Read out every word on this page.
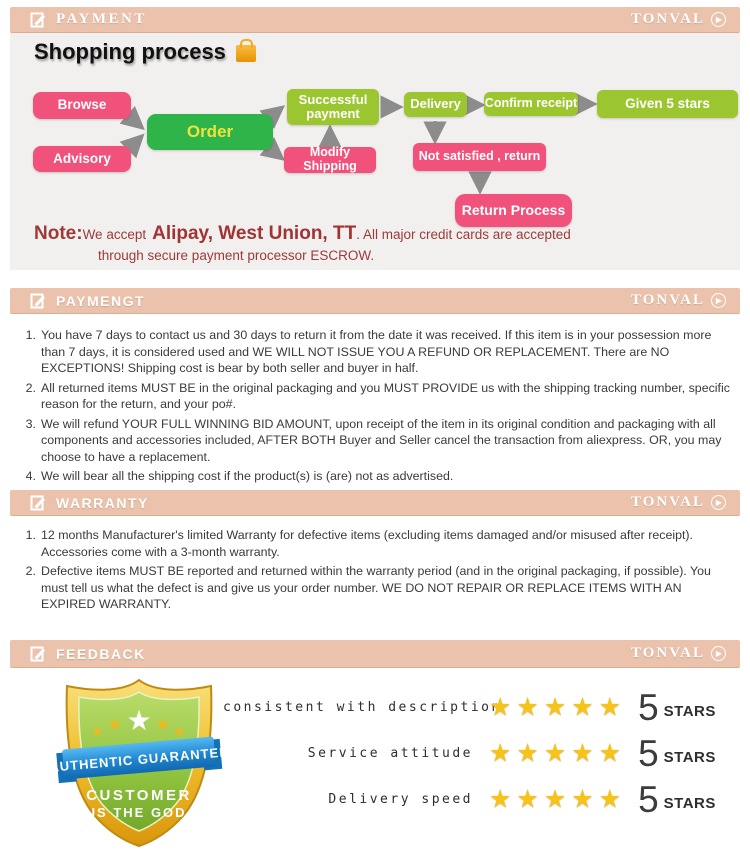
PAYMENT	TONVAL	▶
Shopping process
Browse
Advisory
Order
Successful payment
Modify Shipping
Delivery	Confirm receipt	Given 5 stars
Not satisfied , return
Return Process
Note: We accept Alipay, West Union, TT . All major credit cards are accepted
through secure payment processor ESCROW.
PAYMENGT	TONVAL	▶
1. You have 7 days to contact us and 30 days to return it from the date it was received. If this item is in your possession more than 7 days, it is considered used and WE WILL NOT ISSUE YOU A REFUND OR REPLACEMENT. There are NO EXCEPTIONS! Shipping cost is bear by both seller and buyer in half.
2. All returned items MUST BE in the original packaging and you MUST PROVIDE us with the shipping tracking number, specific reason for the return, and your po#.
3. We will refund YOUR FULL WINNING BID AMOUNT, upon receipt of the item in its original condition and packaging with all components and accessories included, AFTER BOTH Buyer and Seller cancel the transaction from aliexpress. OR, you may choose to have a replacement.
4. We will bear all the shipping cost if the product(s) is (are) not as advertised.
WARRANTY	TONVAL	▶
1. 12 months Manufacturer's limited Warranty for defective items (excluding items damaged and/or misused after receipt). Accessories come with a 3-month warranty.
2. Defective items MUST BE reported and returned within the warranty period (and in the original packaging, if possible). You must tell us what the defect is and give us your order number. WE DO NOT REPAIR OR REPLACE ITEMS WITH AN EXPIRED WARRANTY.
FEEDBACK	TONVAL	▶
★ ★ ★ ★ ★
AUTHENTIC GUARANTEE
CUSTOMER
IS THE GOD
consistent with description
★★★★★ 5 STARS
Service attitude ★★★★★ 5 STARS
Delivery speed ★★★★★ 5 STARS
